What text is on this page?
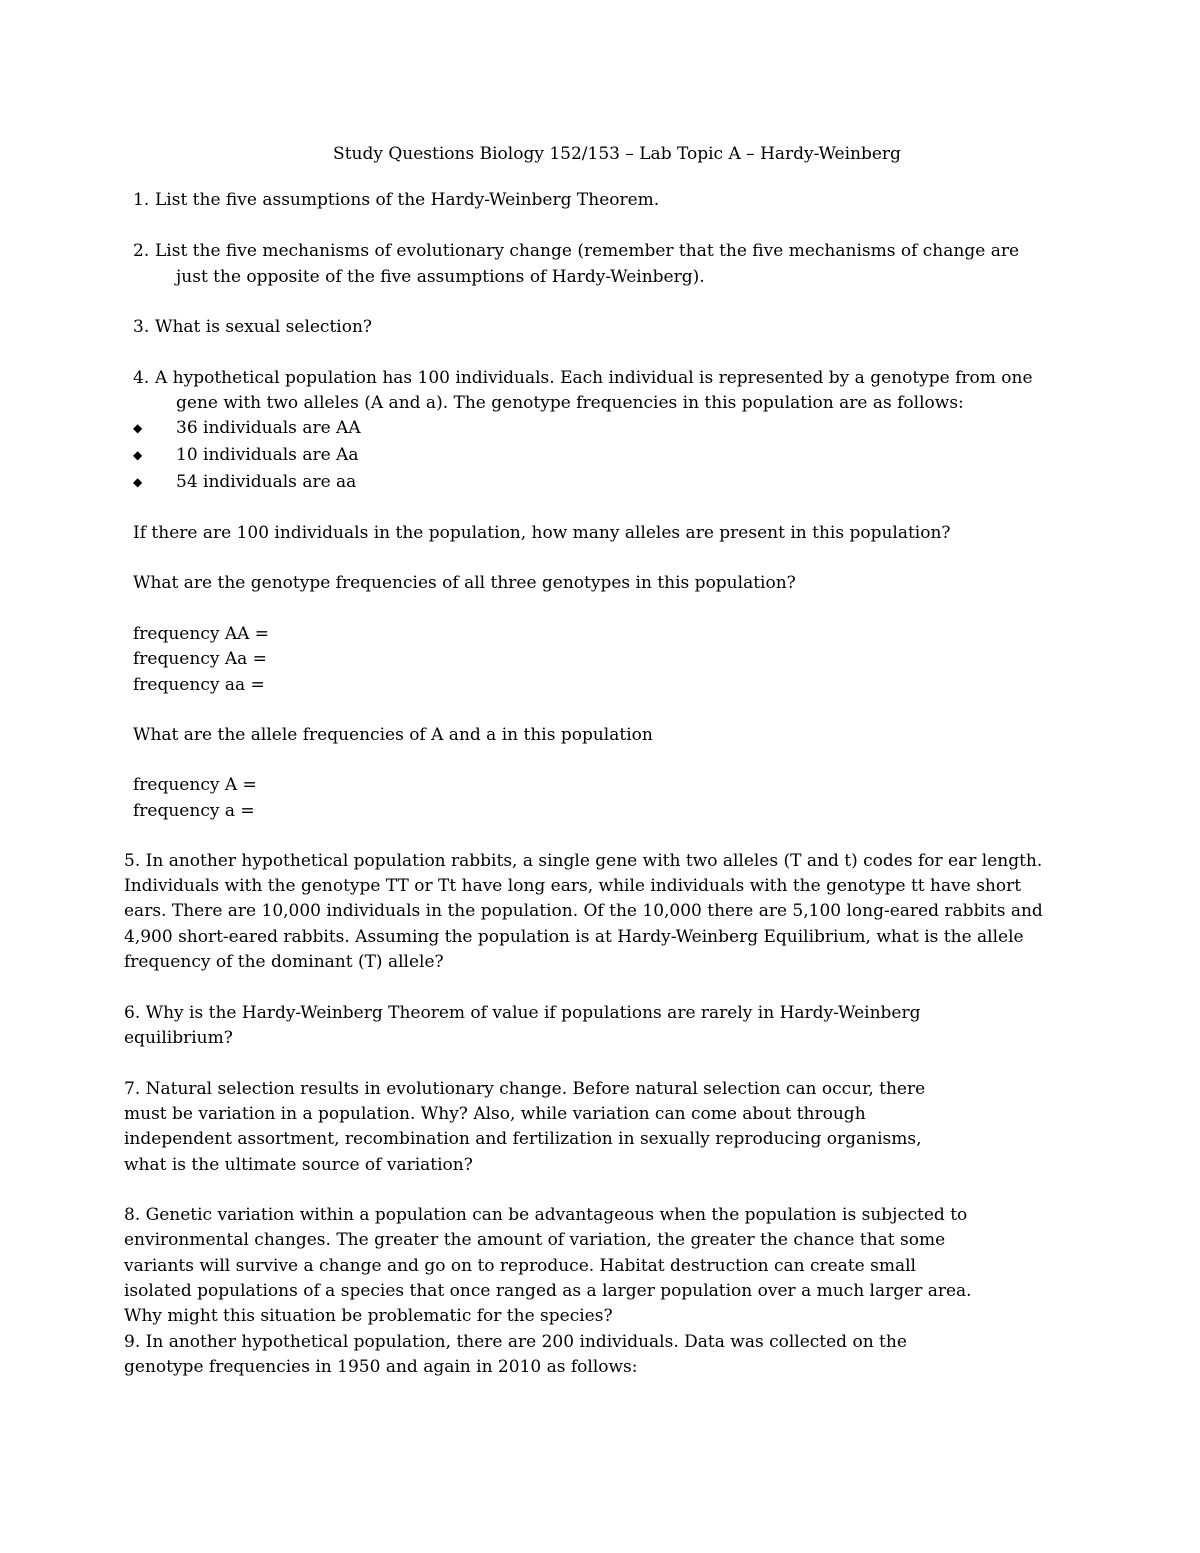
Study Questions Biology 152/153 – Lab Topic A – Hardy-Weinberg
1. List the five assumptions of the Hardy-Weinberg Theorem.
2. List the five mechanisms of evolutionary change (remember that the five mechanisms of change are
just the opposite of the five assumptions of Hardy-Weinberg).
3. What is sexual selection?
4. A hypothetical population has 100 individuals. Each individual is represented by a genotype from one
gene with two alleles (A and a). The genotype frequencies in this population are as follows:
◆ 36 individuals are AA
◆ 10 individuals are Aa
◆ 54 individuals are aa
If there are 100 individuals in the population, how many alleles are present in this population?
What are the genotype frequencies of all three genotypes in this population?
frequency AA =
frequency Aa =
frequency aa =
What are the allele frequencies of A and a in this population
frequency A =
frequency a =
5. In another hypothetical population rabbits, a single gene with two alleles (T and t) codes for ear length.
Individuals with the genotype TT or Tt have long ears, while individuals with the genotype tt have short
ears. There are 10,000 individuals in the population. Of the 10,000 there are 5,100 long-eared rabbits and
4,900 short-eared rabbits. Assuming the population is at Hardy-Weinberg Equilibrium, what is the allele
frequency of the dominant (T) allele?
6. Why is the Hardy-Weinberg Theorem of value if populations are rarely in Hardy-Weinberg
equilibrium?
7. Natural selection results in evolutionary change. Before natural selection can occur, there
must be variation in a population. Why? Also, while variation can come about through
independent assortment, recombination and fertilization in sexually reproducing organisms,
what is the ultimate source of variation?
8. Genetic variation within a population can be advantageous when the population is subjected to
environmental changes. The greater the amount of variation, the greater the chance that some
variants will survive a change and go on to reproduce. Habitat destruction can create small
isolated populations of a species that once ranged as a larger population over a much larger area.
Why might this situation be problematic for the species?
9. In another hypothetical population, there are 200 individuals. Data was collected on the
genotype frequencies in 1950 and again in 2010 as follows:
